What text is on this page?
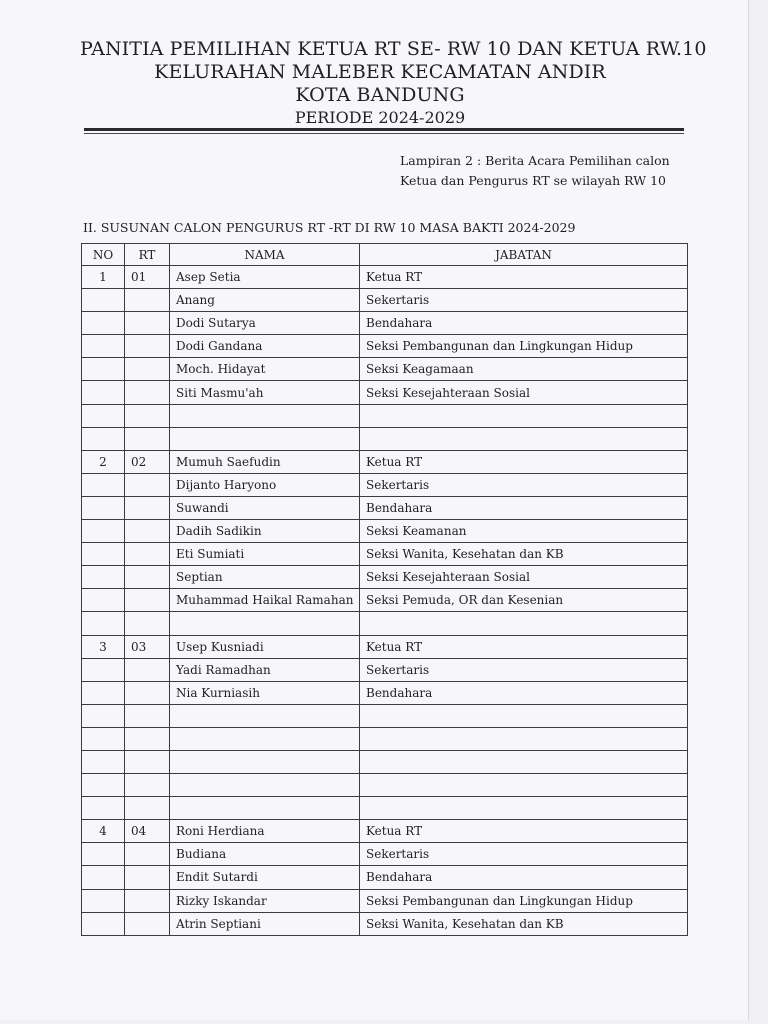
PANITIA PEMILIHAN KETUA RT SE- RW 10 DAN KETUA RW.10
KELURAHAN MALEBER KECAMATAN ANDIR
KOTA BANDUNG
PERIODE 2024-2029
Lampiran 2 : Berita Acara Pemilihan calon
Ketua dan Pengurus RT se wilayah RW 10
II. SUSUNAN CALON PENGURUS RT -RT DI RW 10 MASA BAKTI 2024-2029
NO	RT	NAMA	JABATAN
1	01	Asep Setia	Ketua RT
		Anang	Sekertaris
		Dodi Sutarya	Bendahara
		Dodi Gandana	Seksi Pembangunan dan Lingkungan Hidup
		Moch. Hidayat	Seksi Keagamaan
		Siti Masmu'ah	Seksi Kesejahteraan Sosial

2	02	Mumuh Saefudin	Ketua RT
		Dijanto Haryono	Sekertaris
		Suwandi	Bendahara
		Dadih Sadikin	Seksi Keamanan
		Eti Sumiati	Seksi Wanita, Kesehatan dan KB
		Septian	Seksi Kesejahteraan Sosial
		Muhammad Haikal Ramahan	Seksi Pemuda, OR dan Kesenian

3	03	Usep Kusniadi	Ketua RT
		Yadi Ramadhan	Sekertaris
		Nia Kurniasih	Bendahara

4	04	Roni Herdiana	Ketua RT
		Budiana	Sekertaris
		Endit Sutardi	Bendahara
		Rizky Iskandar	Seksi Pembangunan dan Lingkungan Hidup
		Atrin Septiani	Seksi Wanita, Kesehatan dan KB
